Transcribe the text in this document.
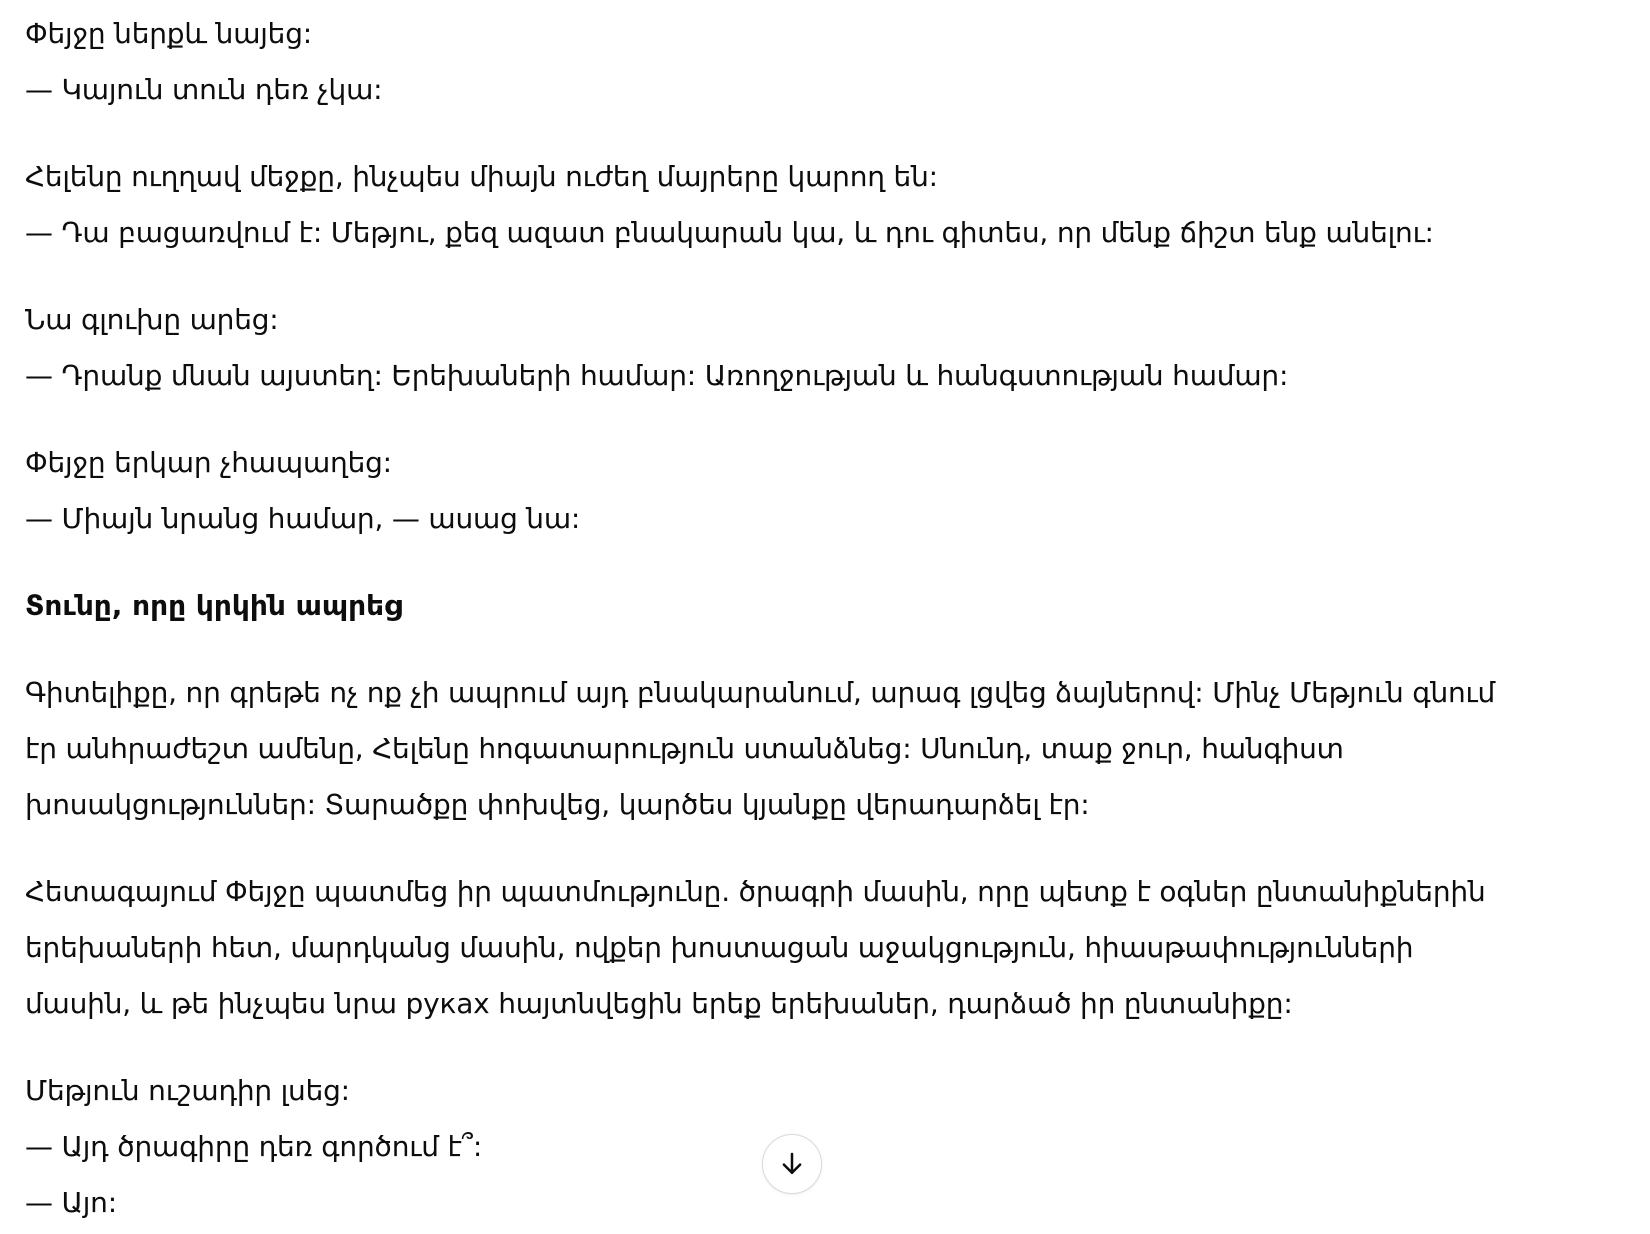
Փեյջը ներքև նայեց:
— Կայուն տուն դեռ չկա:
Հելենը ուղղավ մեջքը, ինչպես միայն ուժեղ մայրերը կարող են:
— Դա բացառվում է: Մեթյու, քեզ ազատ բնակարան կա, և դու գիտես, որ մենք ճիշտ ենք անելու:
Նա գլուխը արեց:
— Դրանք մնան այստեղ: Երեխաների համար: Առողջության և հանգստության համար:
Փեյջը երկար չհապաղեց:
— Միայն նրանց համար, — ասաց նա:
Տունը, որը կրկին ապրեց
Գիտելիքը, որ գրեթե ոչ ոք չի ապրում այդ բնակարանում, արագ լցվեց ձայներով: Մինչ Մեթյուն գնում
էր անհրաժեշտ ամենը, Հելենը հոգատարություն ստանձնեց: Սնունդ, տաք ջուր, հանգիստ
խոսակցություններ: Տարածքը փոխվեց, կարծես կյանքը վերադարձել էր:
Հետագայում Փեյջը պատմեց իր պատմությունը. ծրագրի մասին, որը պետք է օգներ ընտանիքներին
երեխաների հետ, մարդկանց մասին, ովքեր խոստացան աջակցություն, հիասթափությունների
մասին, և թե ինչպես նրա руках հայտնվեցին երեք երեխաներ, դարձած իր ընտանիքը:
Մեթյուն ուշադիր լսեց:
— Այդ ծրագիրը դեռ գործում է՞:
— Այո:
